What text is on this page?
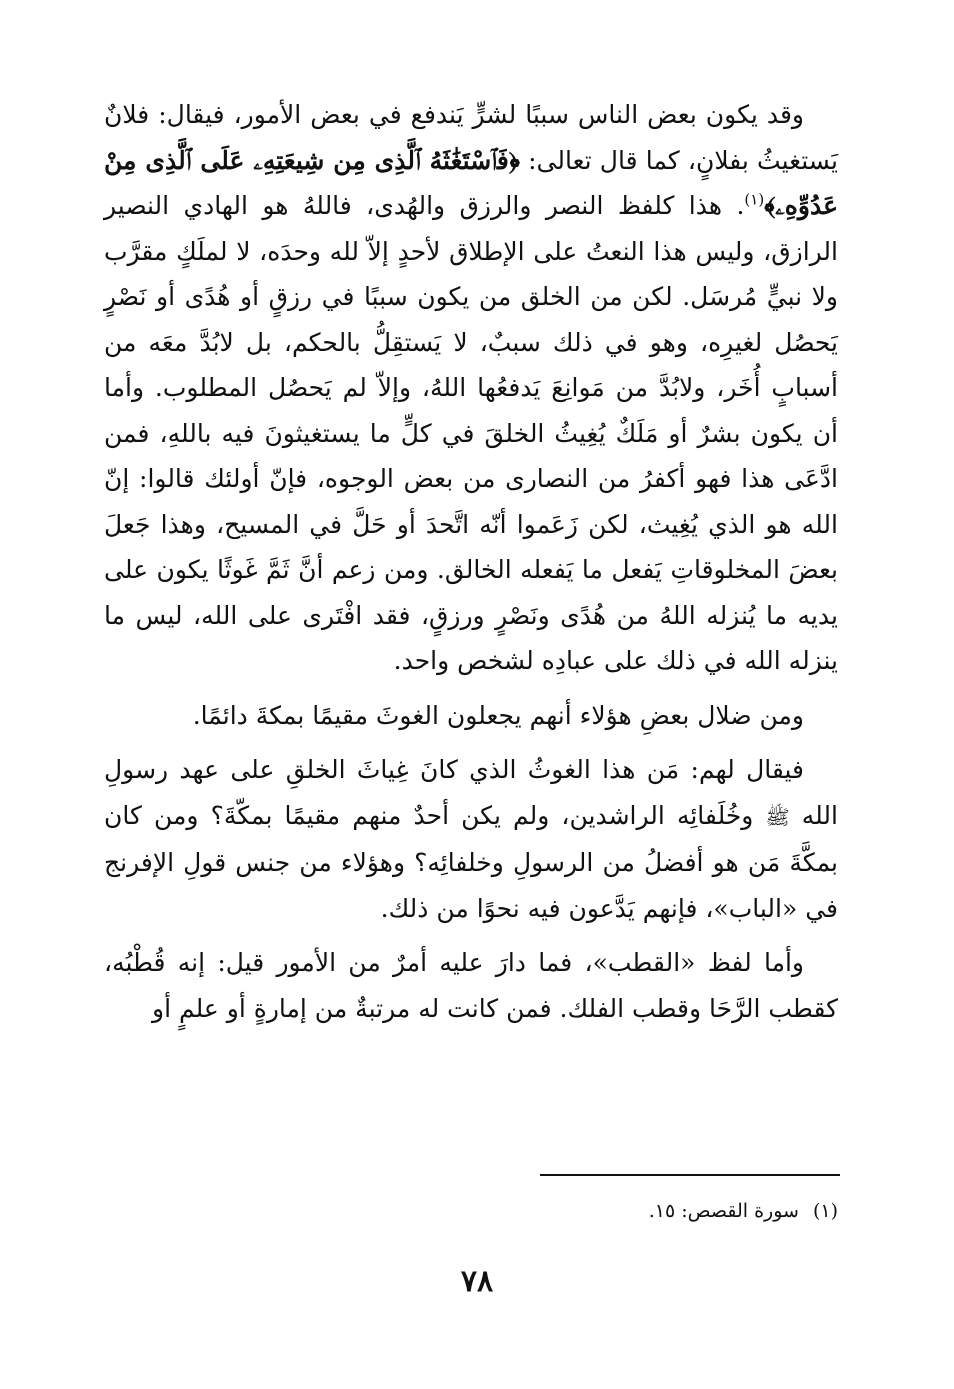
وقد يكون بعض الناس سببًا لشرٍّ يَندفع في بعض الأمور، فيقال: فلانٌ يَستغيثُ بفلانٍ، كما قال تعالى: ﴿فَٱسْتَغَٰثَهُ ٱلَّذِى مِن شِيعَتِهِۦ عَلَى ٱلَّذِى مِنْ عَدُوِّهِۦ﴾$^{(١)}$. هذا كلفظ النصر والرزق والهُدى، فاللهُ هو الهادي النصير الرازق، وليس هذا النعتُ على الإطلاق لأحدٍ إلاّ لله وحدَه، لا لملَكٍ مقرَّب ولا نبيٍّ مُرسَل. لكن من الخلق من يكون سببًا في رزقٍ أو هُدًى أو نَصْرٍ يَحصُل لغيرِه، وهو في ذلك سببٌ، لا يَستقِلُّ بالحكم، بل لابُدَّ معَه من أسبابٍ أُخَر، ولابُدَّ من مَوانِعَ يَدفعُها اللهُ، وإلاّ لم يَحصُل المطلوب. وأما أن يكون بشرٌ أو مَلَكٌ يُغِيثُ الخلقَ في كلٍّ ما يستغيثونَ فيه باللهِ، فمن ادَّعَى هذا فهو أكفرُ من النصارى من بعض الوجوه، فإنّ أولئك قالوا: إنّ الله هو الذي يُغِيث، لكن زَعَموا أنّه اتَّحدَ أو حَلَّ في المسيح، وهذا جَعلَ بعضَ المخلوقاتِ يَفعل ما يَفعله الخالق. ومن زعم أنَّ ثَمَّ غَوثًا يكون على يديه ما يُنزله اللهُ من هُدًى ونَصْرٍ ورزقٍ، فقد افْتَرى على الله، ليس ما ينزله الله في ذلك على عبادِه لشخص واحد.

ومن ضلال بعضِ هؤلاء أنهم يجعلون الغوثَ مقيمًا بمكةَ دائمًا.

فيقال لهم: مَن هذا الغوثُ الذي كانَ غِياثَ الخلقِ على عهد رسولِ الله ﷺ وخُلَفائِه الراشدين، ولم يكن أحدٌ منهم مقيمًا بمكّةَ؟ ومن كان بمكَّةَ مَن هو أفضلُ من الرسولِ وخلفائِه؟ وهؤلاء من جنس قولِ الإفرنج في «الباب»، فإنهم يَدَّعون فيه نحوًا من ذلك.

وأما لفظ «القطب»، فما دارَ عليه أمرٌ من الأمور قيل: إنه قُطْبُه، كقطب الرَّحَا وقطب الفلك. فمن كانت له مرتبةٌ من إمارةٍ أو علمٍ أو

(١)سورة القصص: ١٥.
٧٨
